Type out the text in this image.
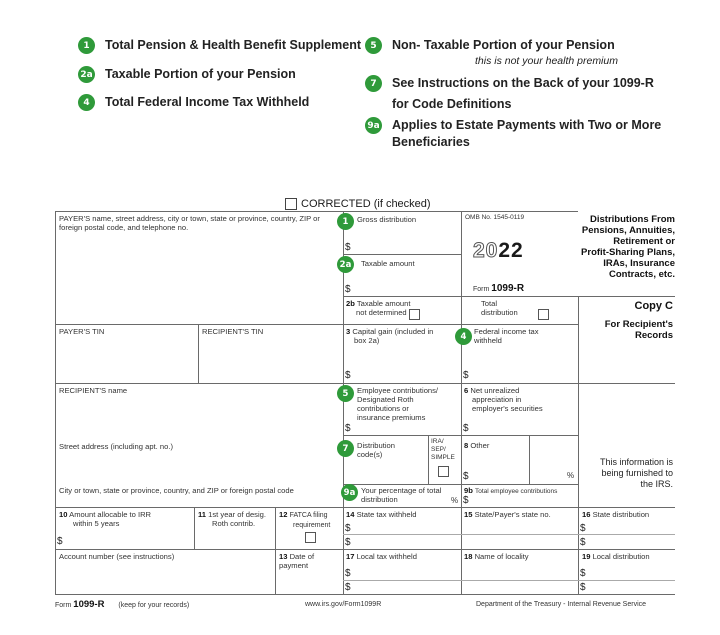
1	Total Pension & Health Benefit Supplement
2a Taxable Portion of your Pension
4	Total Federal Income Tax Withheld
5	Non- Taxable Portion of your Pension
this is not your health premium
7	See Instructions on the Back of your 1099-R
for Code Definitions
9a Applies to Estate Payments with Two or More
Beneficiaries
CORRECTED (if checked)
PAYER'S name, street address, city or town, state or province, country, ZIP or foreign postal code, and telephone no.
1	Gross distribution
$
2a	Taxable amount
$
OMB No. 1545-0119
2022
Form 1099-R
Distributions From
Pensions, Annuities,
Retirement or
Profit-Sharing Plans,
IRAs, Insurance
Contracts, etc.
2b Taxable amount
not determined
Total
distribution
Copy C
For Recipient's
Records
PAYER'S TIN	RECIPIENT'S TIN	3 Capital gain (included in
box 2a)
$
4 Federal income tax
withheld
$
RECIPIENT'S name	5	Employee contributions/
Designated Roth
contributions or
insurance premiums
$
6 Net unrealized
appreciation in
employer's securities
$
Street address (including apt. no.)	7	Distribution
code(s)
IRA/
SEP/
SIMPLE
8 Other
$	%
This information is
being furnished to
the IRS.
City or town, state or province, country, and ZIP or foreign postal code	9a Your percentage of total
distribution	%
9b Total employee contributions
$
10 Amount allocable to IRR
within 5 years
$
11 1st year of desig.
Roth contrib.
12 FATCA filing
requirement
14 State tax withheld
$
$
15 State/Payer's state no.	16 State distribution
$
$
Account number (see instructions)	13 Date of
payment
17 Local tax withheld
$
$
18 Name of locality	19 Local distribution
$
$
Form 1099-R (keep for your records)	www.irs.gov/Form1099R	Department of the Treasury - Internal Revenue Service
